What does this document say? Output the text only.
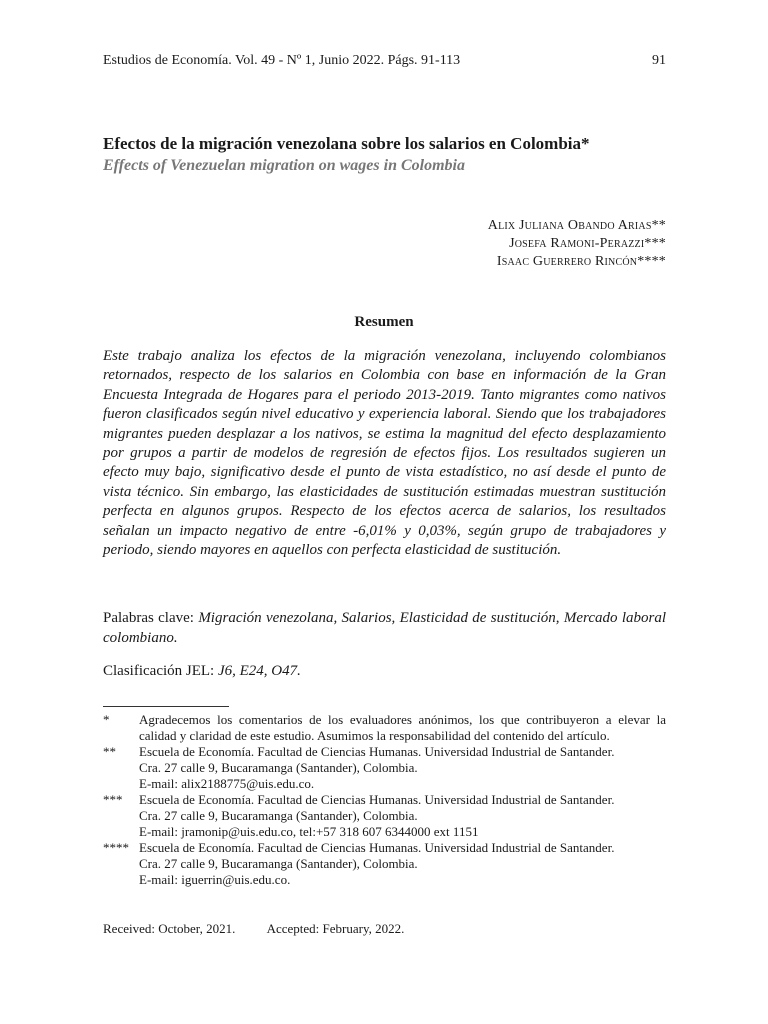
Estudios de Economía. Vol. 49 - Nº 1, Junio 2022. Págs. 91-113	91
Efectos de la migración venezolana sobre los salarios en Colombia*
Effects of Venezuelan migration on wages in Colombia
Alix Juliana Obando Arias**
Josefa Ramoni-Perazzi***
Isaac Guerrero Rincón****
Resumen

Este trabajo analiza los efectos de la migración venezolana, incluyendo colombianos retornados, respecto de los salarios en Colombia con base en información de la Gran Encuesta Integrada de Hogares para el periodo 2013-2019. Tanto migrantes como nativos fueron clasificados según nivel educativo y experiencia laboral. Siendo que los trabajadores migrantes pueden desplazar a los nativos, se estima la magnitud del efecto desplazamiento por grupos a partir de modelos de regresión de efectos fijos. Los resultados sugieren un efecto muy bajo, significativo desde el punto de vista estadístico, no así desde el punto de vista técnico. Sin embargo, las elasticidades de sustitución estimadas muestran sustitución perfecta en algunos grupos. Respecto de los efectos acerca de salarios, los resultados señalan un impacto negativo de entre -6,01% y 0,03%, según grupo de trabajadores y periodo, siendo mayores en aquellos con perfecta elasticidad de sustitución.

Palabras clave: Migración venezolana, Salarios, Elasticidad de sustitución, Mercado laboral colombiano.

Clasificación JEL: J6, E24, O47.

*	Agradecemos los comentarios de los evaluadores anónimos, los que contribuyeron a elevar la calidad y claridad de este estudio. Asumimos la responsabilidad del contenido del artículo.
**	Escuela de Economía. Facultad de Ciencias Humanas. Universidad Industrial de Santander.
Cra. 27 calle 9, Bucaramanga (Santander), Colombia.
E-mail: alix2188775@uis.edu.co.
***	Escuela de Economía. Facultad de Ciencias Humanas. Universidad Industrial de Santander.
Cra. 27 calle 9, Bucaramanga (Santander), Colombia.
E-mail: jramonip@uis.edu.co, tel:+57 318 607 6344000 ext 1151
**** Escuela de Economía. Facultad de Ciencias Humanas. Universidad Industrial de Santander.
Cra. 27 calle 9, Bucaramanga (Santander), Colombia.
E-mail: iguerrin@uis.edu.co.
Received: October, 2021. Accepted: February, 2022.
